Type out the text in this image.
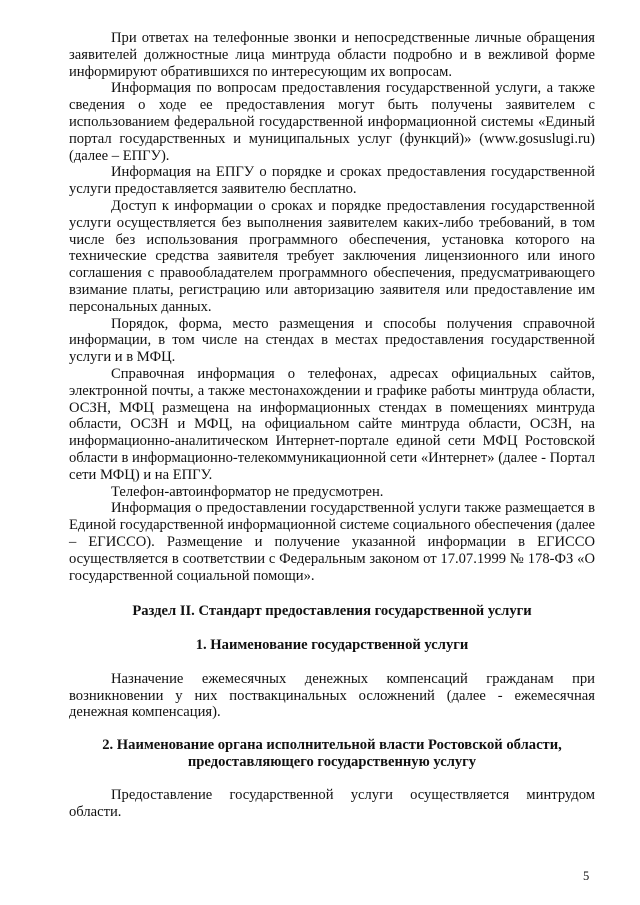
При ответах на телефонные звонки и непосредственные личные обращения заявителей должностные лица минтруда области подробно и в вежливой форме информируют обратившихся по интересующим их вопросам.

Информация по вопросам предоставления государственной услуги, а также сведения о ходе ее предоставления могут быть получены заявителем с использованием федеральной государственной информационной системы «Единый портал государственных и муниципальных услуг (функций)» (www.gosuslugi.ru) (далее – ЕПГУ).

Информация на ЕПГУ о порядке и сроках предоставления государственной услуги предоставляется заявителю бесплатно.

Доступ к информации о сроках и порядке предоставления государственной услуги осуществляется без выполнения заявителем каких-либо требований, в том числе без использования программного обеспечения, установка которого на технические средства заявителя требует заключения лицензионного или иного соглашения с правообладателем программного обеспечения, предусматривающего взимание платы, регистрацию или авторизацию заявителя или предоставление им персональных данных.

Порядок, форма, место размещения и способы получения справочной информации, в том числе на стендах в местах предоставления государственной услуги и в МФЦ.

Справочная информация о телефонах, адресах официальных сайтов, электронной почты, а также местонахождении и графике работы минтруда области, ОСЗН, МФЦ размещена на информационных стендах в помещениях минтруда области, ОСЗН и МФЦ, на официальном сайте минтруда области, ОСЗН, на информационно-аналитическом Интернет-портале единой сети МФЦ Ростовской области в информационно-телекоммуникационной сети «Интернет» (далее - Портал сети МФЦ) и на ЕПГУ.

Телефон-автоинформатор не предусмотрен.

Информация о предоставлении государственной услуги также размещается в Единой государственной информационной системе социального обеспечения (далее – ЕГИССО). Размещение и получение указанной информации в ЕГИССО осуществляется в соответствии с Федеральным законом от 17.07.1999 № 178-ФЗ «О государственной социальной помощи».

Раздел II. Стандарт предоставления государственной услуги

1. Наименование государственной услуги

Назначение ежемесячных денежных компенсаций гражданам при возникновении у них поствакцинальных осложнений (далее - ежемесячная денежная компенсация).

2. Наименование органа исполнительной власти Ростовской области,
предоставляющего государственную услугу

Предоставление государственной услуги осуществляется минтрудом области.

5
